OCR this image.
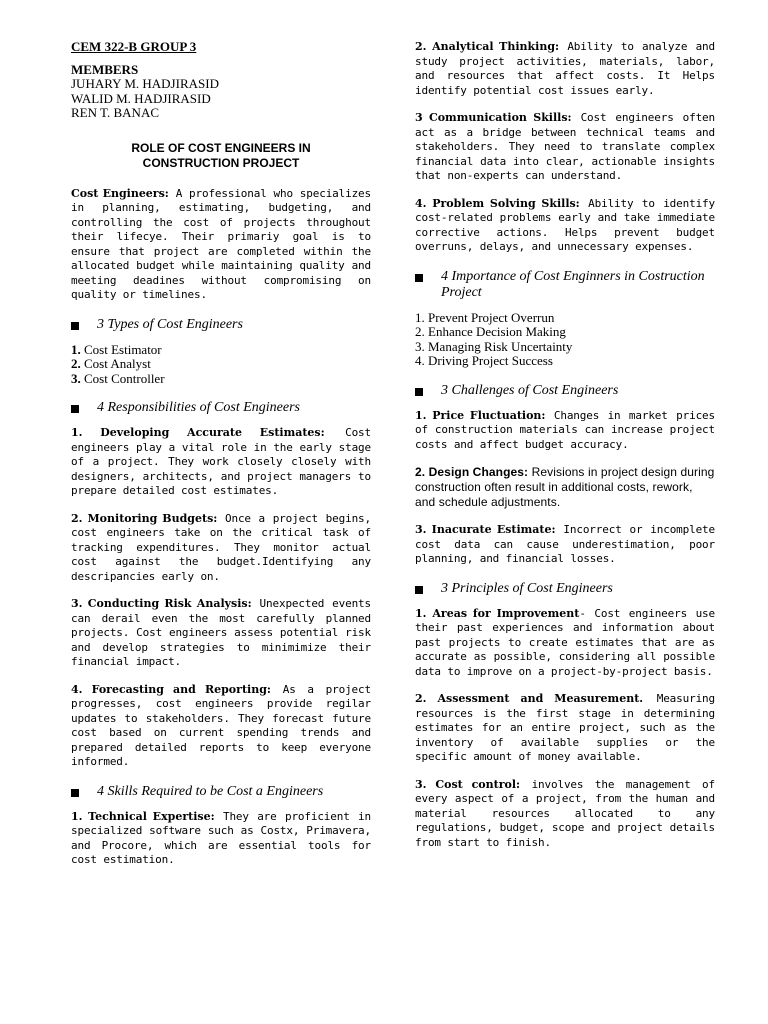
CEM 322-B GROUP 3

MEMBERS

JUHARY M. HADJIRASID

WALID M. HADJIRASID

REN T. BANAC

ROLE OF COST ENGINEERS IN
CONSTRUCTION PROJECT

Cost Engineers: A professional who specializes in planning, estimating, budgeting, and controlling the cost of projects throughout their lifecye. Their primariy goal is to ensure that project are completed within the allocated budget while maintaining quality and meeting deadines without compromising on quality or timelines.

3 Types of Cost Engineers

1. Cost Estimator

2. Cost Analyst

3. Cost Controller

4 Responsibilities of Cost Engineers

1. Developing Accurate Estimates: Cost engineers play a vital role in the early stage of a project. They work closely closely with designers, architects, and project managers to prepare detailed cost estimates.

2. Monitoring Budgets: Once a project begins, cost engineers take on the critical task of tracking expenditures. They monitor actual cost against the budget.Identifying any descripancies early on.

3. Conducting Risk Analysis: Unexpected events can derail even the most carefully planned projects. Cost engineers assess potential risk and develop strategies to minimimize their financial impact.

4. Forecasting and Reporting: As a project progresses, cost engineers provide regilar updates to stakeholders. They forecast future cost based on current spending trends and prepared detailed reports to keep everyone informed.

4 Skills Required to be Cost a Engineers

1. Technical Expertise: They are proficient in specialized software such as Costx, Primavera, and Procore, which are essential tools for cost estimation.

2. Analytical Thinking: Ability to analyze and study project activities, materials, labor, and resources that affect costs. It Helps identify potential cost issues early.

3 Communication Skills: Cost engineers often act as a bridge between technical teams and stakeholders. They need to translate complex financial data into clear, actionable insights that non-experts can understand.

4. Problem Solving Skills: Ability to identify cost-related problems early and take immediate corrective actions. Helps prevent budget overruns, delays, and unnecessary expenses.

4 Importance of Cost Enginners in Costruction Project

1. Prevent Project Overrun

2. Enhance Decision Making

3. Managing Risk Uncertainty

4. Driving Project Success

3 Challenges of Cost Engineers

1. Price Fluctuation: Changes in market prices of construction materials can increase project costs and affect budget accuracy.

2. Design Changes: Revisions in project design during construction often result in additional costs, rework, and schedule adjustments.

3. Inacurate Estimate: Incorrect or incomplete cost data can cause underestimation, poor planning, and financial losses.

3 Principles of Cost Engineers

1. Areas for Improvement- Cost engineers use their past experiences and information about past projects to create estimates that are as accurate as possible, considering all possible data to improve on a project-by-project basis.

2. Assessment and Measurement. Measuring resources is the first stage in determining estimates for an entire project, such as the inventory of available supplies or the specific amount of money available.

3. Cost control: involves the management of every aspect of a project, from the human and material resources allocated to any regulations, budget, scope and project details from start to finish.
